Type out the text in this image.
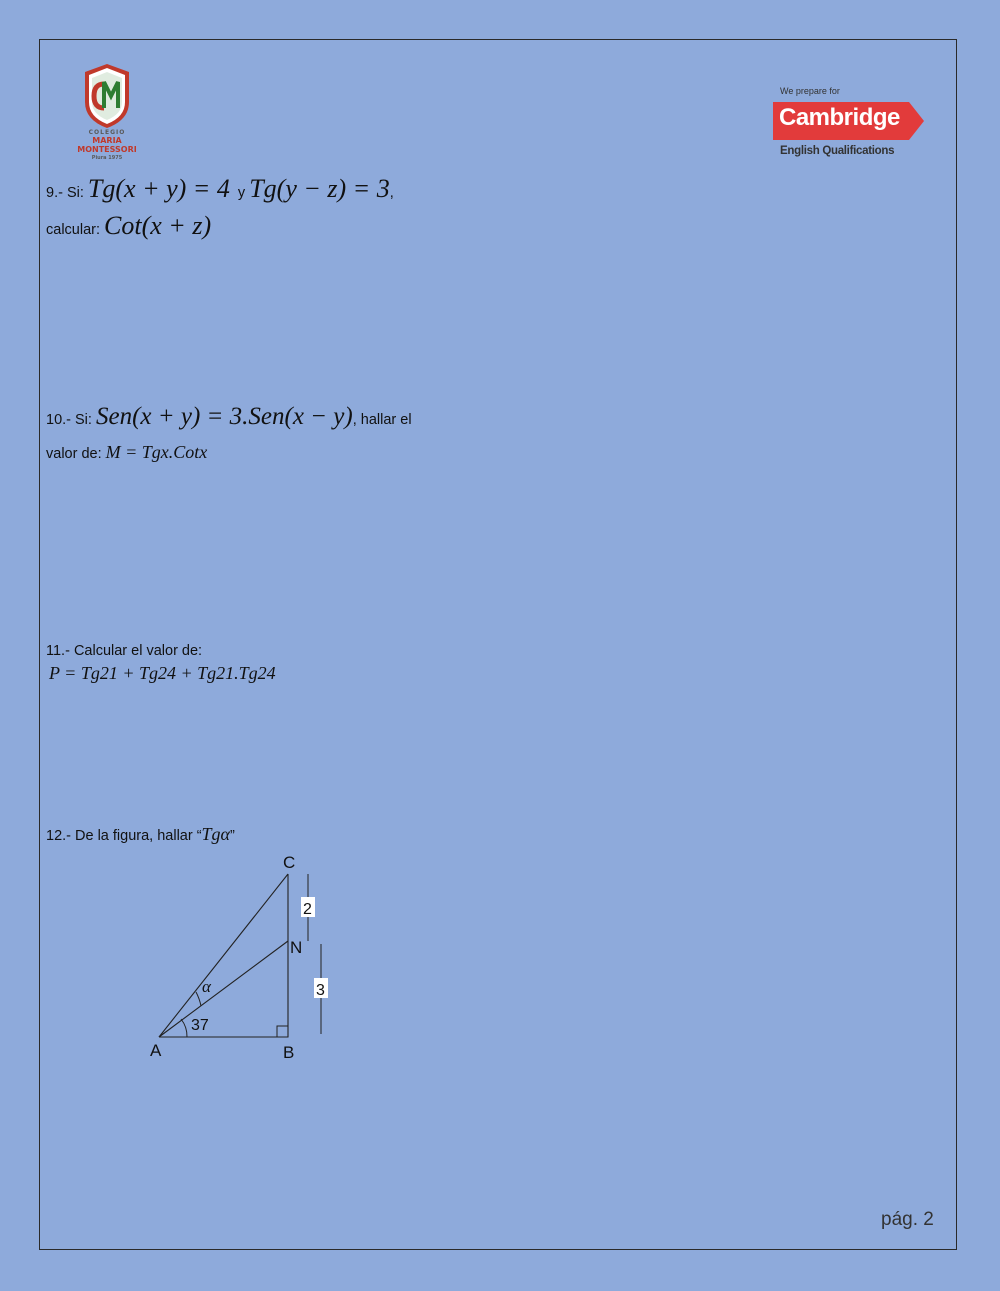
COLEGIO
MARIA
MONTESSORI
Piura 1975
We prepare for
Cambridge
English Qualifications
9.- Si: Tg(x + y) = 4 y Tg(y − z) = 3,
calcular: Cot(x + z)
10.- Si: Sen(x + y) = 3.Sen(x − y), hallar el
valor de: M = Tgx.Cotx
11.- Calcular el valor de:
P = Tg21 + Tg24 + Tg21.Tg24
12.- De la figura, hallar “Tgα”
2
3
C
N
A	B
α
37
pág. 2
